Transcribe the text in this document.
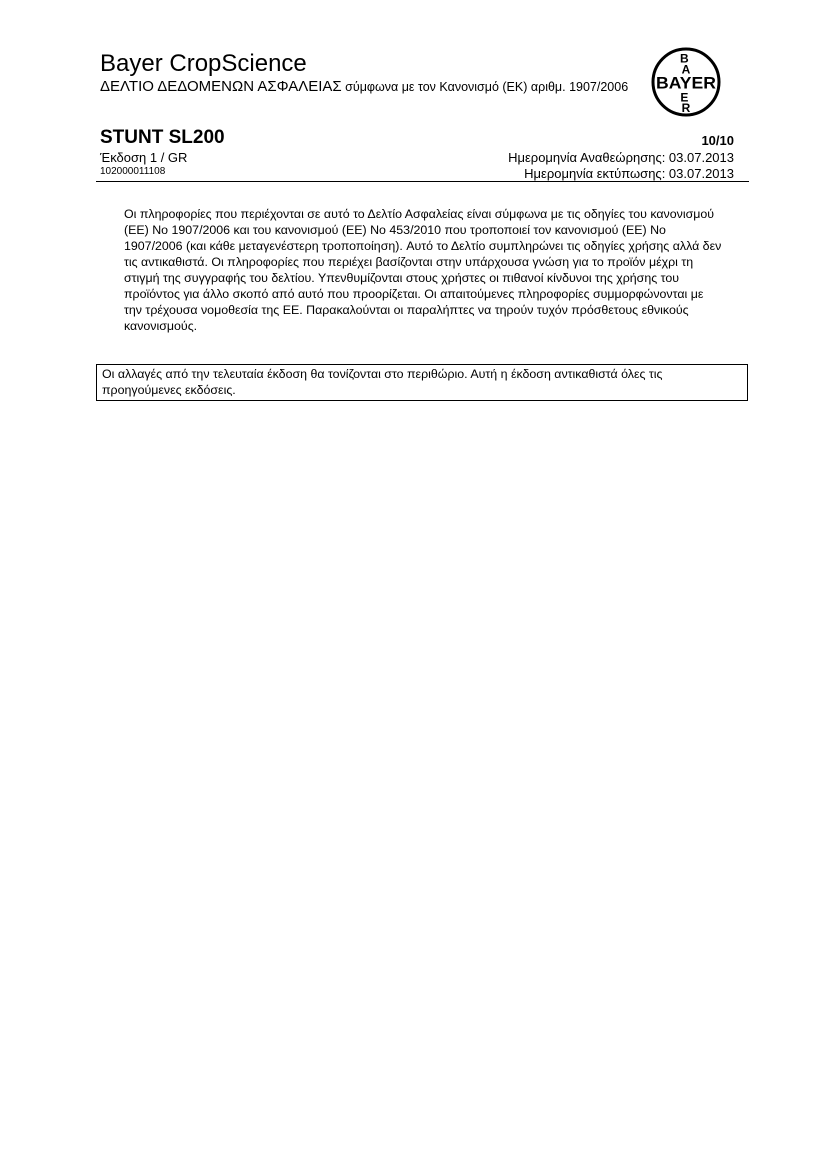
Bayer CropScience
ΔΕΛΤΙΟ ΔΕΔΟΜΕΝΩΝ ΑΣΦΑΛΕΙΑΣ σύμφωνα με τον Κανονισμό (ΕΚ) αριθμ. 1907/2006	BAYER
B A
E R
STUNT SL200	10/10
Έκδοση 1 / GR
102000011108
Ημερομηνία Αναθεώρησης: 03.07.2013
Ημερομηνία εκτύπωσης: 03.07.2013
Οι πληροφορίες που περιέχονται σε αυτό το Δελτίο Ασφαλείας είναι σύμφωνα με τις οδηγίες του κανονισμού (ΕΕ) No 1907/2006 και του κανονισμού (ΕΕ) No 453/2010 που τροποποιεί τον κανονισμού (ΕΕ) No 1907/2006 (και κάθε μεταγενέστερη τροποποίηση). Αυτό το Δελτίο συμπληρώνει τις οδηγίες χρήσης αλλά δεν τις αντικαθιστά. Οι πληροφορίες που περιέχει βασίζονται στην υπάρχουσα γνώση για το προϊόν μέχρι τη στιγμή της συγγραφής του δελτίου. Υπενθυμίζονται στους χρήστες οι πιθανοί κίνδυνοι της χρήσης του προϊόντος για άλλο σκοπό από αυτό που προορίζεται. Οι απαιτούμενες πληροφορίες συμμορφώνονται με την τρέχουσα νομοθεσία της ΕΕ. Παρακαλούνται οι παραλήπτες να τηρούν τυχόν πρόσθετους εθνικούς κανονισμούς.
Οι αλλαγές από την τελευταία έκδοση θα τονίζονται στο περιθώριο. Αυτή η έκδοση αντικαθιστά όλες τις προηγούμενες εκδόσεις.
